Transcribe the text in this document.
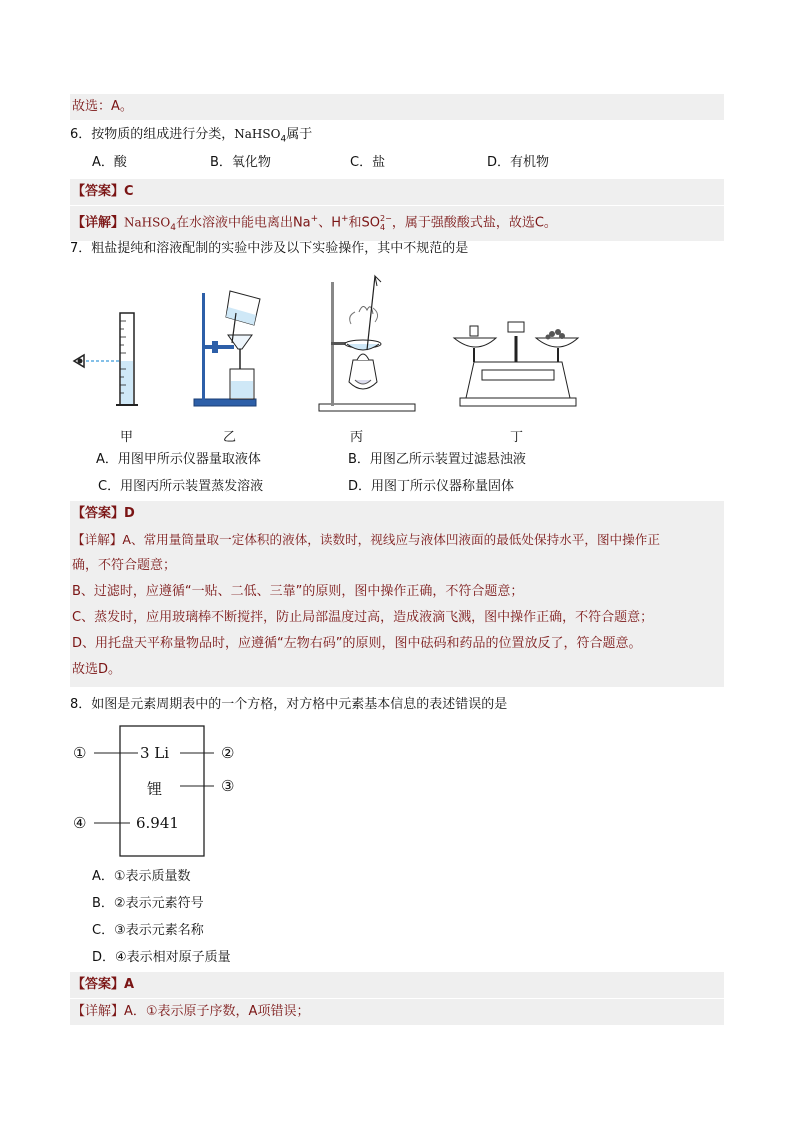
故选：A。
6．按物质的组成进行分类，NaHSO$_4$属于
A．酸	B．氧化物	C．盐	D．有机物
【答案】C
【详解】NaHSO$_4$在水溶液中能电离出Na+、H+和SO 2−
4 ，属于强酸酸式盐，故选C。
7．粗盐提纯和溶液配制的实验中涉及以下实验操作，其中不规范的是
甲	乙	丙	丁
A．用图甲所示仪器量取液体	B．用图乙所示装置过滤悬浊液
C．用图丙所示装置蒸发溶液	D．用图丁所示仪器称量固体
【答案】D
【详解】A、常用量筒量取一定体积的液体，读数时，视线应与液体凹液面的最低处保持水平，图中操作正
确，不符合题意；
B、过滤时，应遵循“一贴、二低、三靠”的原则，图中操作正确，不符合题意；
C、蒸发时，应用玻璃棒不断搅拌，防止局部温度过高，造成液滴飞溅，图中操作正确，不符合题意；
D、用托盘天平称量物品时，应遵循“左物右码”的原则，图中砝码和药品的位置放反了，符合题意。
故选D。
8．如图是元素周期表中的一个方格，对方格中元素基本信息的表述错误的是
①	②
③
④
3 Li
锂
6.941
A．①表示质量数
B．②表示元素符号
C．③表示元素名称
D．④表示相对原子质量
【答案】A
【详解】A．①表示原子序数，A项错误；
